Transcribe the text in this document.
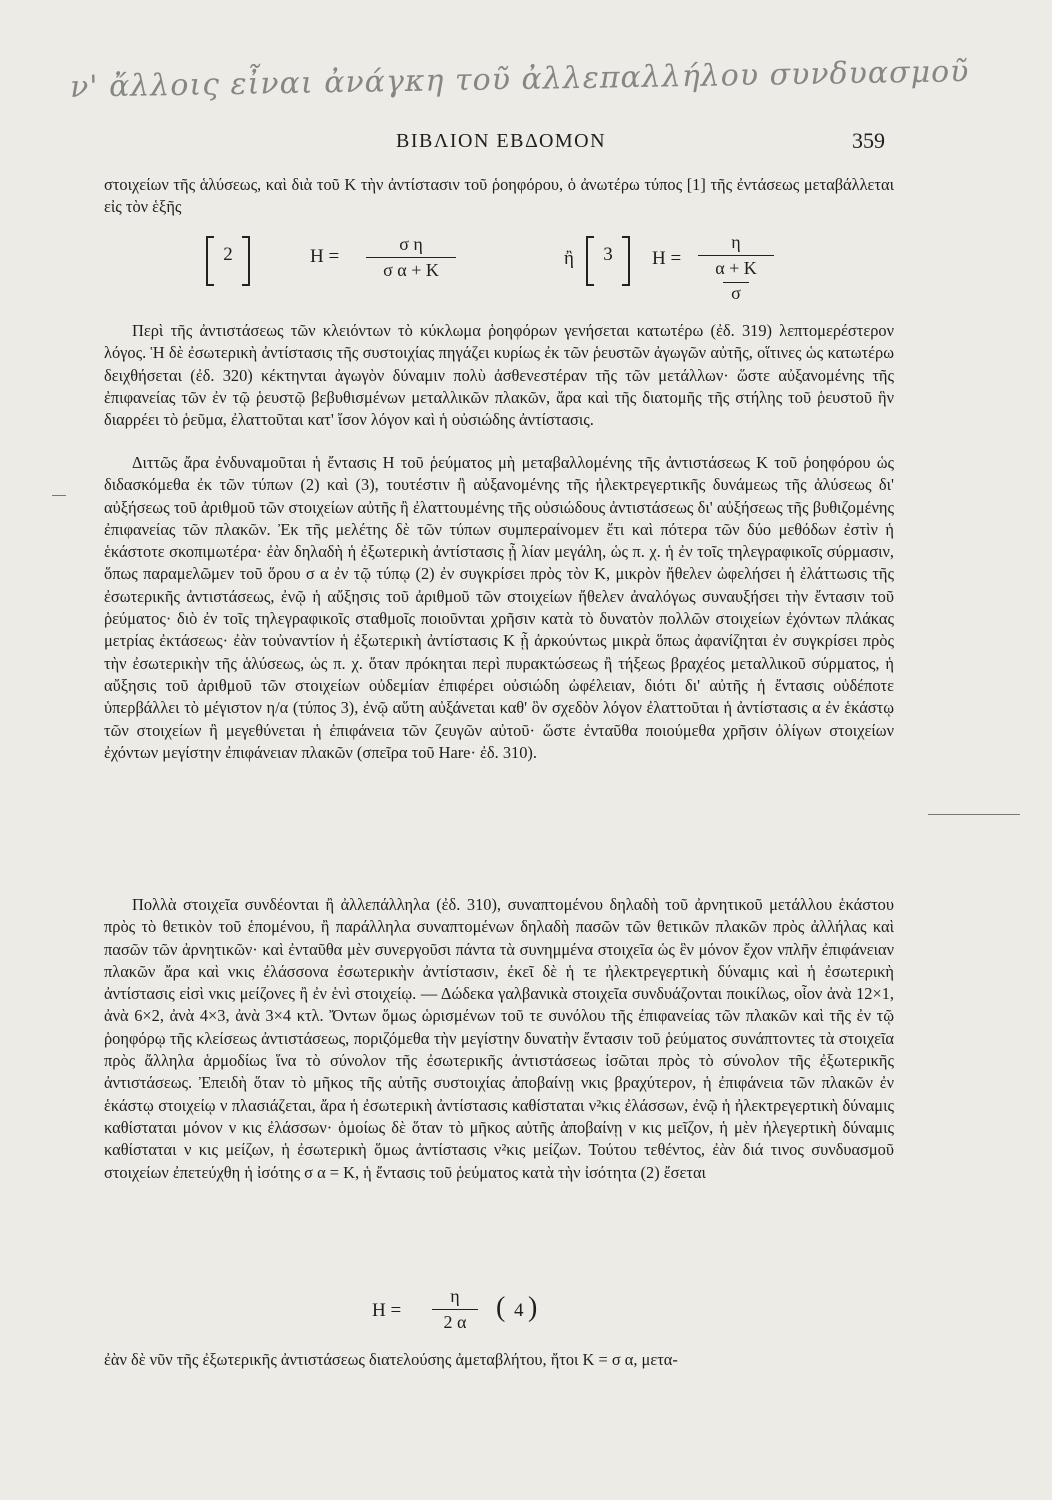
ν' ἄλλοις εἶναι ἀνάγκη τοῦ ἀλλεπαλλήλου συνδυασμοῦ
ΒΙΒΛΙΟΝ ΕΒΔΟΜΟΝ	359
στοιχείων τῆς ἁλύσεως, καὶ διὰ τοῦ Κ τὴν ἀντίστασιν τοῦ ῥοηφόρου, ὁ ἀνωτέρω τύπος [1] τῆς ἐντάσεως μεταβάλλεται εἰς τὸν ἑξῆς
2	Η =
σ η
σ α + Κ
ἢ	3	Η =
η
α + Κ
σ
Περὶ τῆς ἀντιστάσεως τῶν κλειόντων τὸ κύκλωμα ῥοηφόρων γενήσεται κατωτέρω (ἐδ. 319) λεπτομερέστερον λόγος. Ἡ δὲ ἐσωτερικὴ ἀντίστασις τῆς συστοιχίας πηγάζει κυρίως ἐκ τῶν ῥευστῶν ἀγωγῶν αὐτῆς, οἵτινες ὡς κατωτέρω δειχθήσεται (ἐδ. 320) κέκτηνται ἀγωγὸν δύναμιν πολὺ ἀσθενεστέραν τῆς τῶν μετάλλων· ὥστε αὐξανομένης τῆς ἐπιφανείας τῶν ἐν τῷ ῥευστῷ βεβυθισμένων μεταλλικῶν πλακῶν, ἄρα καὶ τῆς διατομῆς τῆς στήλης τοῦ ῥευστοῦ ἣν διαρρέει τὸ ῥεῦμα, ἐλαττοῦται κατ' ἴσον λόγον καὶ ἡ οὐσιώδης ἀντίστασις.
Διττῶς ἄρα ἐνδυναμοῦται ἡ ἔντασις Η τοῦ ῥεύματος μὴ μεταβαλλομένης τῆς ἀντιστάσεως Κ τοῦ ῥοηφόρου ὡς διδασκόμεθα ἐκ τῶν τύπων (2) καὶ (3), τουτέστιν ἢ αὐξανομένης τῆς ἠλεκτρεγερτικῆς δυνάμεως τῆς ἁλύσεως δι' αὐξήσεως τοῦ ἀριθμοῦ τῶν στοιχείων αὐτῆς ἢ ἐλαττουμένης τῆς οὐσιώδους ἀντιστάσεως δι' αὐξήσεως τῆς βυθιζομένης ἐπιφανείας τῶν πλακῶν. Ἐκ τῆς μελέτης δὲ τῶν τύπων συμπεραίνομεν ἔτι καὶ πότερα τῶν δύο μεθόδων ἐστὶν ἡ ἑκάστοτε σκοπιμωτέρα· ἐὰν δηλαδὴ ἡ ἐξωτερικὴ ἀντίστασις ᾖ λίαν μεγάλη, ὡς π. χ. ἡ ἐν τοῖς τηλεγραφικοῖς σύρμασιν, ὅπως παραμελῶμεν τοῦ ὅρου σ α ἐν τῷ τύπῳ (2) ἐν συγκρίσει πρὸς τὸν Κ, μικρὸν ἤθελεν ὠφελήσει ἡ ἐλάττωσις τῆς ἐσωτερικῆς ἀντιστάσεως, ἐνῷ ἡ αὔξησις τοῦ ἀριθμοῦ τῶν στοιχείων ἤθελεν ἀναλόγως συναυξήσει τὴν ἔντασιν τοῦ ῥεύματος· διὸ ἐν τοῖς τηλεγραφικοῖς σταθμοῖς ποιοῦνται χρῆσιν κατὰ τὸ δυνατὸν πολλῶν στοιχείων ἐχόντων πλάκας μετρίας ἐκτάσεως· ἐὰν τοὐναντίον ἡ ἐξωτερικὴ ἀντίστασις Κ ᾖ ἀρκούντως μικρὰ ὅπως ἀφανίζηται ἐν συγκρίσει πρὸς τὴν ἐσωτερικὴν τῆς ἁλύσεως, ὡς π. χ. ὅταν πρόκηται περὶ πυρακτώσεως ἢ τήξεως βραχέος μεταλλικοῦ σύρματος, ἡ αὔξησις τοῦ ἀριθμοῦ τῶν στοιχείων οὐδεμίαν ἐπιφέρει οὐσιώδη ὠφέλειαν, διότι δι' αὐτῆς ἡ ἔντασις οὐδέποτε ὑπερβάλλει τὸ μέγιστον η/α (τύπος 3), ἐνῷ αὕτη αὐξάνεται καθ' ὃν σχεδὸν λόγον ἐλαττοῦται ἡ ἀντίστασις α ἐν ἑκάστῳ τῶν στοιχείων ἢ μεγεθύνεται ἡ ἐπιφάνεια τῶν ζευγῶν αὐτοῦ· ὥστε ἐνταῦθα ποιούμεθα χρῆσιν ὀλίγων στοιχείων ἐχόντων μεγίστην ἐπιφάνειαν πλακῶν (σπεῖρα τοῦ Hare· ἐδ. 310).
Πολλὰ στοιχεῖα συνδέονται ἢ ἀλλεπάλληλα (ἐδ. 310), συναπτομένου δηλαδὴ τοῦ ἀρνητικοῦ μετάλλου ἑκάστου πρὸς τὸ θετικὸν τοῦ ἑπομένου, ἢ παράλληλα συναπτομένων δηλαδὴ πασῶν τῶν θετικῶν πλακῶν πρὸς ἀλλήλας καὶ πασῶν τῶν ἀρνητικῶν· καὶ ἐνταῦθα μὲν συνεργοῦσι πάντα τὰ συνημμένα στοιχεῖα ὡς ἓν μόνον ἔχον νπλῆν ἐπιφάνειαν πλακῶν ἄρα καὶ νκις ἐλάσσονα ἐσωτερικὴν ἀντίστασιν, ἐκεῖ δὲ ἡ τε ἠλεκτρεγερτικὴ δύναμις καὶ ἡ ἐσωτερικὴ ἀντίστασις εἰσὶ νκις μείζονες ἢ ἐν ἑνὶ στοιχείῳ. — Δώδεκα γαλβανικὰ στοιχεῖα συνδυάζονται ποικίλως, οἷον ἀνὰ 12×1, ἀνὰ 6×2, ἀνὰ 4×3, ἀνὰ 3×4 κτλ. Ὄντων ὅμως ὡρισμένων τοῦ τε συνόλου τῆς ἐπιφανείας τῶν πλακῶν καὶ τῆς ἐν τῷ ῥοηφόρῳ τῆς κλείσεως ἀντιστάσεως, ποριζόμεθα τὴν μεγίστην δυνατὴν ἔντασιν τοῦ ῥεύματος συνάπτοντες τὰ στοιχεῖα πρὸς ἄλληλα ἁρμοδίως ἵνα τὸ σύνολον τῆς ἐσωτερικῆς ἀντιστάσεως ἰσῶται πρὸς τὸ σύνολον τῆς ἐξωτερικῆς ἀντιστάσεως. Ἐπειδὴ ὅταν τὸ μῆκος τῆς αὐτῆς συστοιχίας ἀποβαίνῃ νκις βραχύτερον, ἡ ἐπιφάνεια τῶν πλακῶν ἐν ἑκάστῳ στοιχείῳ ν πλασιάζεται, ἄρα ἡ ἐσωτερικὴ ἀντίστασις καθίσταται ν²κις ἐλάσσων, ἐνῷ ἡ ἠλεκτρεγερτικὴ δύναμις καθίσταται μόνον ν κις ἐλάσσων· ὁμοίως δὲ ὅταν τὸ μῆκος αὐτῆς ἀποβαίνῃ ν κις μεῖζον, ἡ μὲν ἠλεγερτικὴ δύναμις καθίσταται ν κις μείζων, ἡ ἐσωτερικὴ ὅμως ἀντίστασις ν²κις μείζων. Τούτου τεθέντος, ἐὰν διά τινος συνδυασμοῦ στοιχείων ἐπετεύχθη ἡ ἰσότης σ α = Κ, ἡ ἔντασις τοῦ ῥεύματος κατὰ τὴν ἰσότητα (2) ἔσεται
Η =
η
2 α	( 4 )
ἐὰν δὲ νῦν τῆς ἐξωτερικῆς ἀντιστάσεως διατελούσης ἀμεταβλήτου, ἤτοι Κ = σ α, μετα-
